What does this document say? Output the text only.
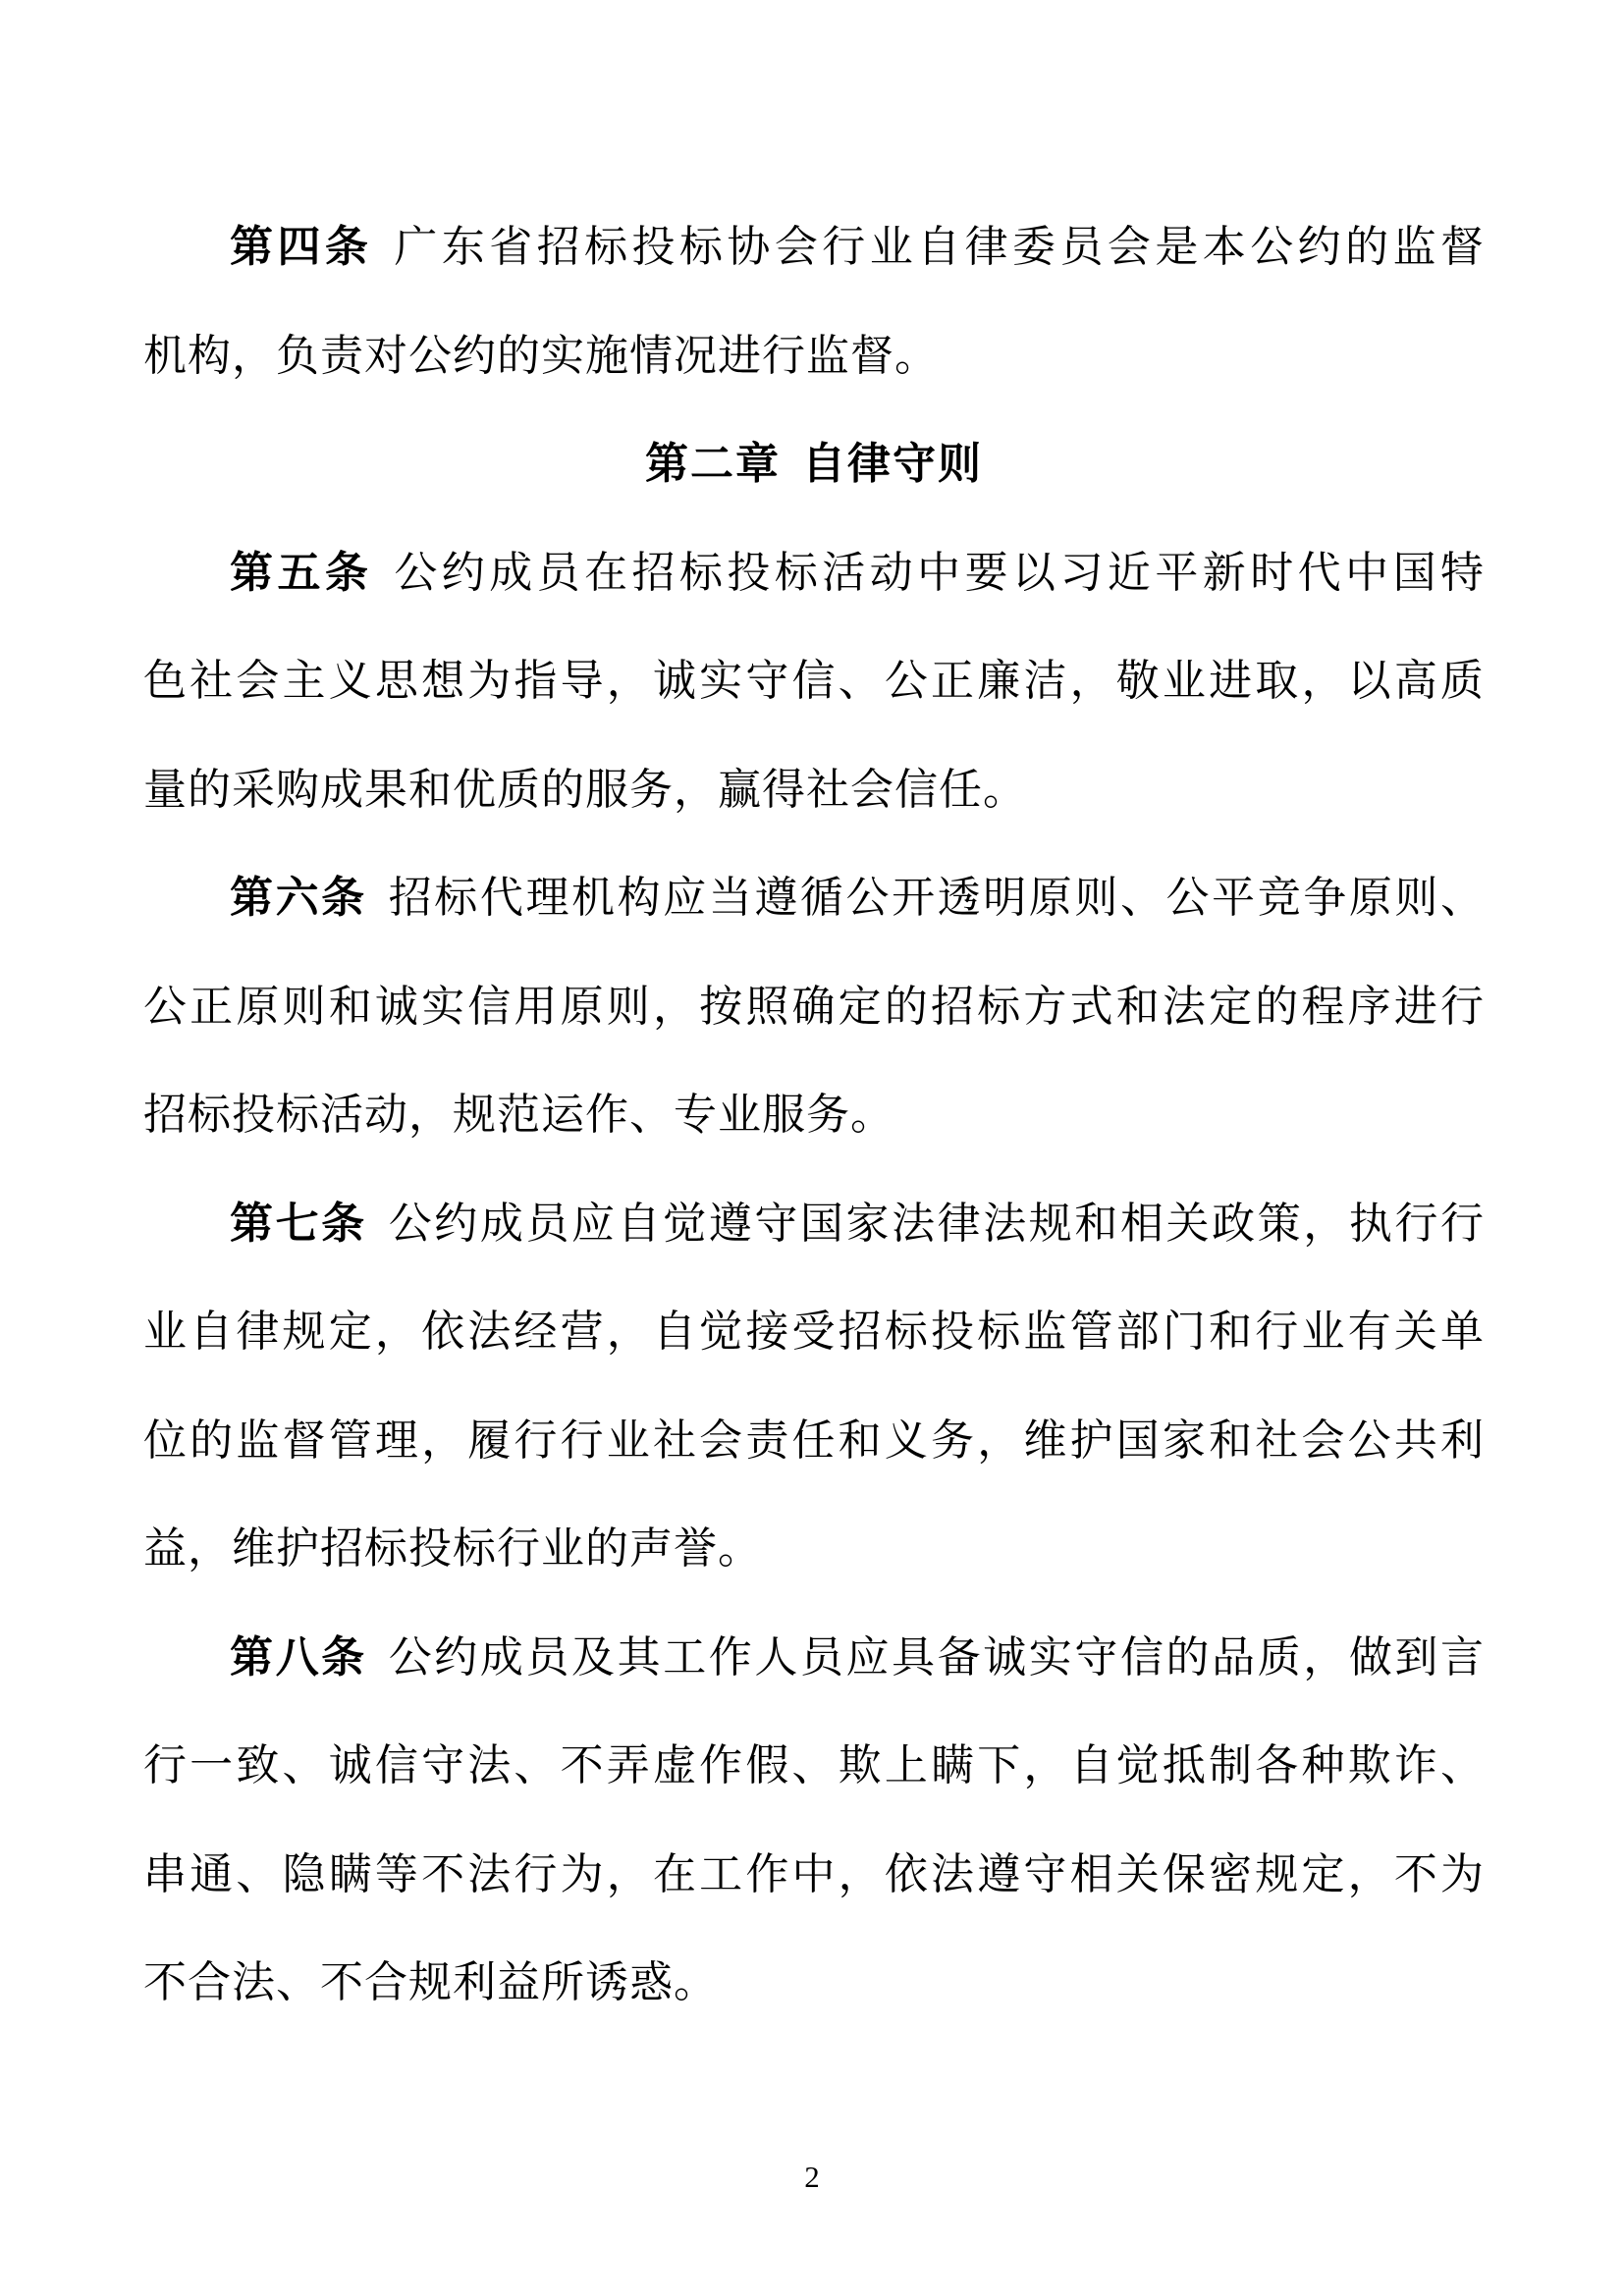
第四条 广东省招标投标协会行业自律委员会是本公约的监督
机构，负责对公约的实施情况进行监督。
第二章 自律守则
第五条 公约成员在招标投标活动中要以习近平新时代中国特
色社会主义思想为指导，诚实守信、公正廉洁，敬业进取，以高质
量的采购成果和优质的服务，赢得社会信任。
第六条 招标代理机构应当遵循公开透明原则、公平竞争原则、
公正原则和诚实信用原则，按照确定的招标方式和法定的程序进行
招标投标活动，规范运作、专业服务。
第七条 公约成员应自觉遵守国家法律法规和相关政策，执行行
业自律规定，依法经营，自觉接受招标投标监管部门和行业有关单
位的监督管理，履行行业社会责任和义务，维护国家和社会公共利
益，维护招标投标行业的声誉。
第八条 公约成员及其工作人员应具备诚实守信的品质，做到言
行一致、诚信守法、不弄虚作假、欺上瞒下，自觉抵制各种欺诈、
串通、隐瞒等不法行为，在工作中，依法遵守相关保密规定，不为
不合法、不合规利益所诱惑。
2
